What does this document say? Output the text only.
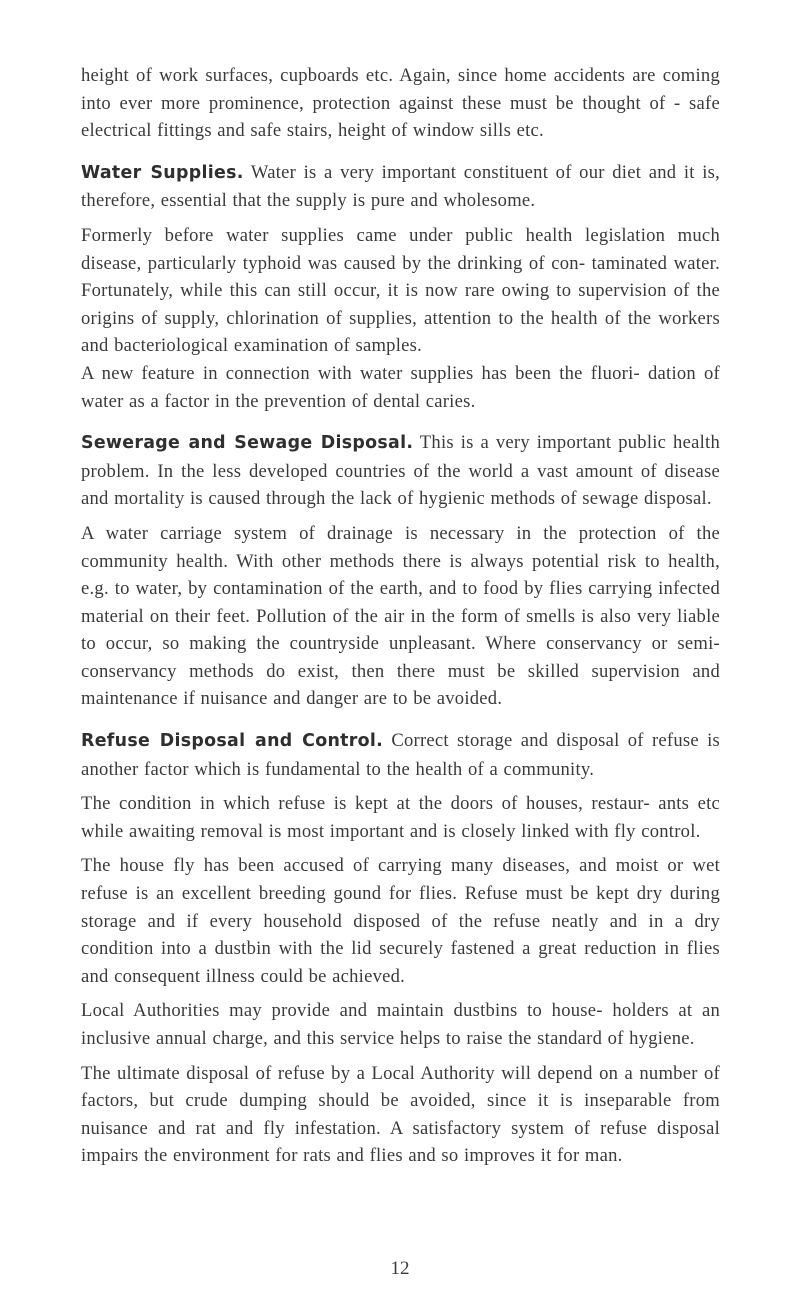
height of work surfaces, cupboards etc. Again, since home accidents are coming into ever more prominence, protection against these must be thought of - safe electrical fittings and safe stairs, height of window sills etc.

Water Supplies. Water is a very important constituent of our diet and it is, therefore, essential that the supply is pure and wholesome.

Formerly before water supplies came under public health legislation much disease, particularly typhoid was caused by the drinking of con- taminated water. Fortunately, while this can still occur, it is now rare owing to supervision of the origins of supply, chlorination of supplies, attention to the health of the workers and bacteriological examination of samples.

A new feature in connection with water supplies has been the fluori- dation of water as a factor in the prevention of dental caries.

Sewerage and Sewage Disposal. This is a very important public health problem. In the less developed countries of the world a vast amount of disease and mortality is caused through the lack of hygienic methods of sewage disposal.

A water carriage system of drainage is necessary in the protection of the community health. With other methods there is always potential risk to health, e.g. to water, by contamination of the earth, and to food by flies carrying infected material on their feet. Pollution of the air in the form of smells is also very liable to occur, so making the countryside unpleasant. Where conservancy or semi-conservancy methods do exist, then there must be skilled supervision and maintenance if nuisance and danger are to be avoided.

Refuse Disposal and Control. Correct storage and disposal of refuse is another factor which is fundamental to the health of a community.

The condition in which refuse is kept at the doors of houses, restaur- ants etc while awaiting removal is most important and is closely linked with fly control.

The house fly has been accused of carrying many diseases, and moist or wet refuse is an excellent breeding gound for flies. Refuse must be kept dry during storage and if every household disposed of the refuse neatly and in a dry condition into a dustbin with the lid securely fastened a great reduction in flies and consequent illness could be achieved.

Local Authorities may provide and maintain dustbins to house- holders at an inclusive annual charge, and this service helps to raise the standard of hygiene.

The ultimate disposal of refuse by a Local Authority will depend on a number of factors, but crude dumping should be avoided, since it is inseparable from nuisance and rat and fly infestation. A satisfactory system of refuse disposal impairs the environment for rats and flies and so improves it for man.

12
